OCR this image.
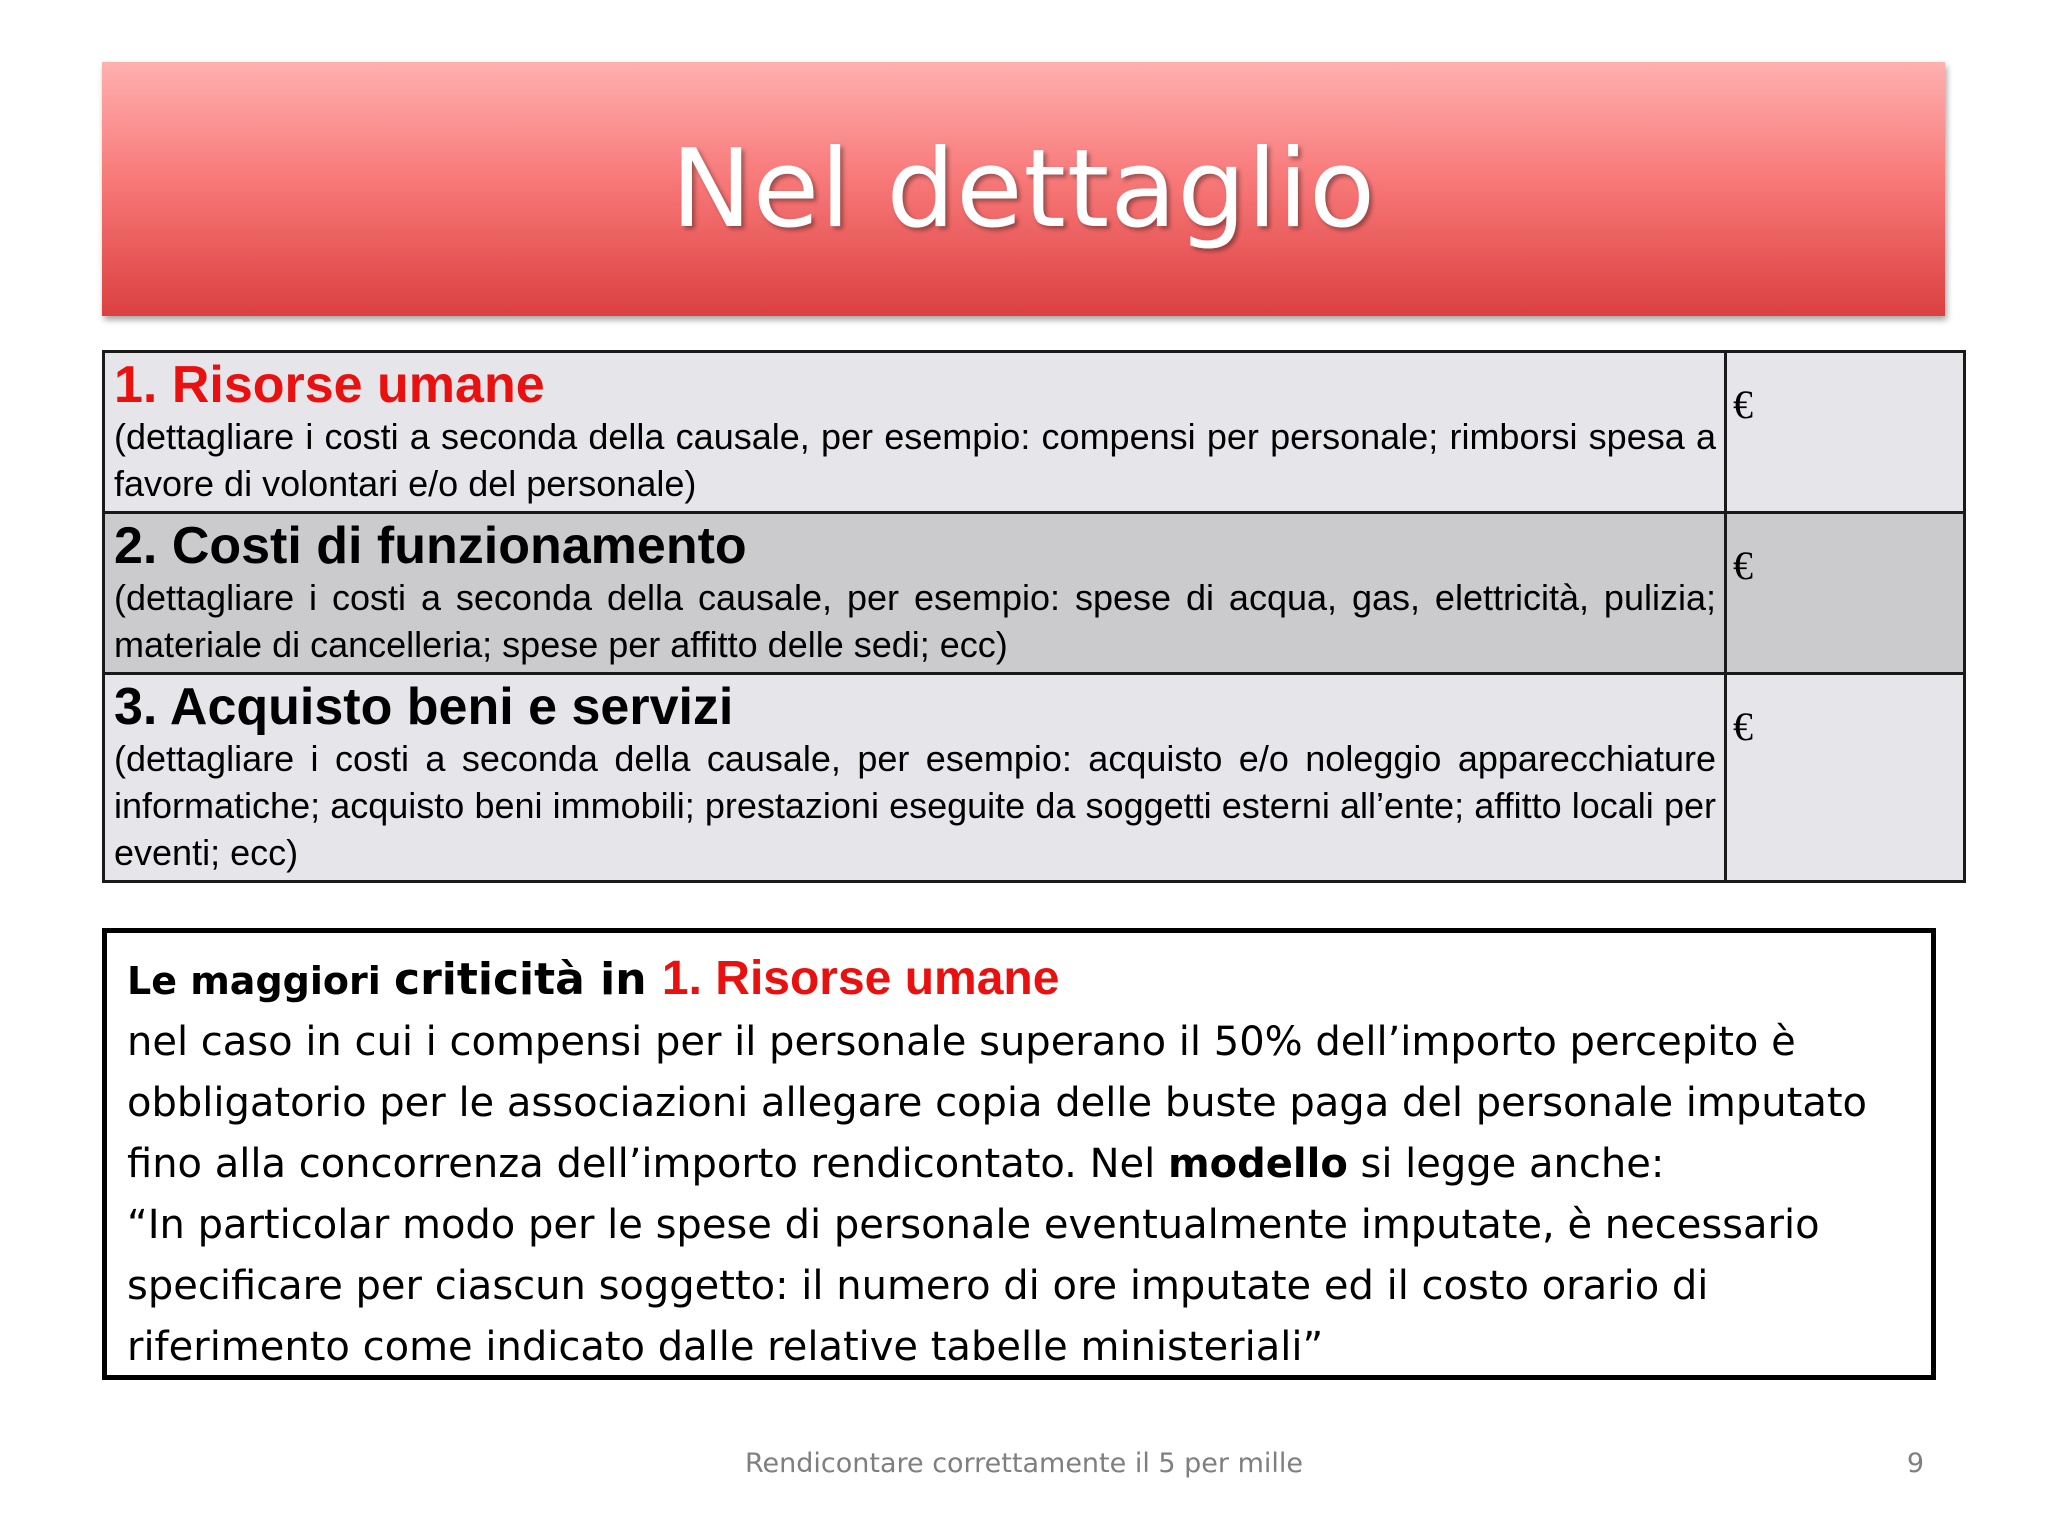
Nel dettaglio
1. Risorse umane
(dettagliare i costi a seconda della causale, per esempio: compensi per personale; rimborsi spesa a favore di volontari e/o del personale)	€

2. Costi di funzionamento
(dettagliare i costi a seconda della causale, per esempio: spese di acqua, gas, elettricità, pulizia; materiale di cancelleria; spese per affitto delle sedi; ecc)	€

3. Acquisto beni e servizi
(dettagliare i costi a seconda della causale, per esempio: acquisto e/o noleggio apparecchiature informatiche; acquisto beni immobili; prestazioni eseguite da soggetti esterni all’ente; affitto locali per eventi; ecc)	€
Le maggiori criticità in 1. Risorse umane
nel caso in cui i compensi per il personale superano il 50% dell’importo percepito è obbligatorio per le associazioni allegare copia delle buste paga del personale imputato fino alla concorrenza dell’importo rendicontato. Nel modello si legge anche:
“In particolar modo per le spese di personale eventualmente imputate, è necessario specificare per ciascun soggetto: il numero di ore imputate ed il costo orario di riferimento come indicato dalle relative tabelle ministeriali”
Rendicontare correttamente il 5 per mille	9
